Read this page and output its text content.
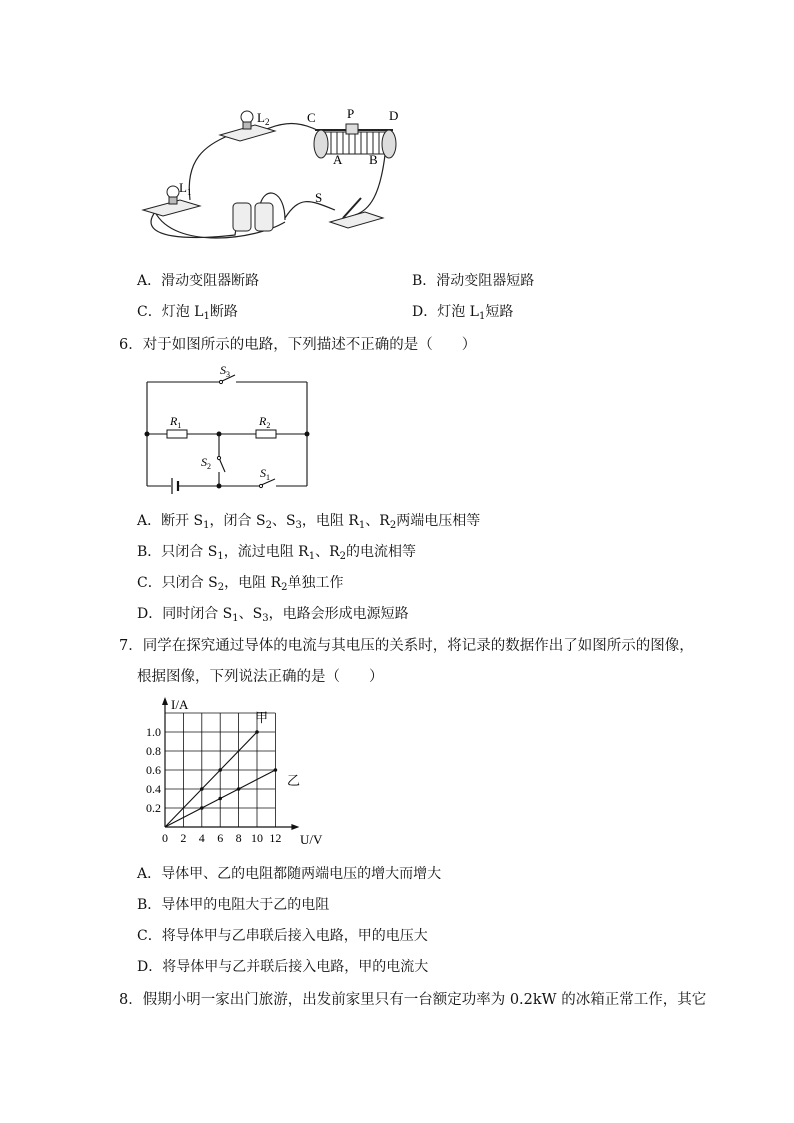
$L_2$
$L_1$
C P	D
A B
S
A．滑动变阻器断路	B．滑动变阻器短路
C．灯泡 $L_1$断路	D．灯泡 $L_1$短路
6．对于如图所示的电路，下列描述不正确的是（　　）
$S_3$
$R_1$	$R_2$
$S_2$	$S_1$
A．断开 $S_1$，闭合 $S_2$、$S_3$，电阻 $R_1$、$R_2$两端电压相等
B．只闭合 $S_1$，流过电阻 $R_1$、$R_2$的电流相等
C．只闭合 $S_2$，电阻 $R_2$单独工作
D．同时闭合 $S_1$、$S_3$，电路会形成电源短路
7．同学在探究通过导体的电流与其电压的关系时，将记录的数据作出了如图所示的图像，
根据图像，下列说法正确的是（　　）
0 2 4 6 8 10 12
0.2
0.4
0.6
0.8
1.0
I/A
U/V
甲
乙
A．导体甲、乙的电阻都随两端电压的增大而增大
B．导体甲的电阻大于乙的电阻
C．将导体甲与乙串联后接入电路，甲的电压大
D．将导体甲与乙并联后接入电路，甲的电流大
8．假期小明一家出门旅游，出发前家里只有一台额定功率为 0.2kW 的冰箱正常工作，其它
